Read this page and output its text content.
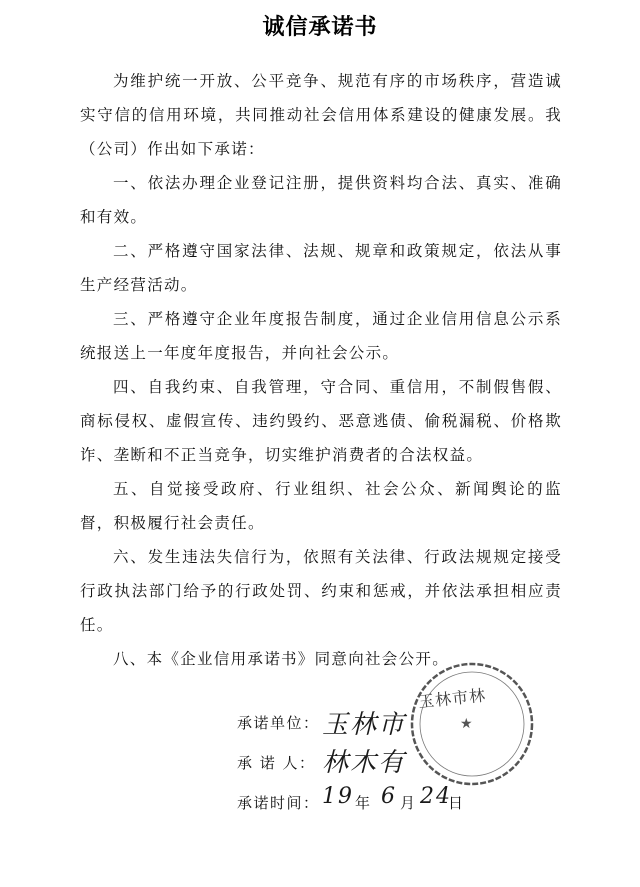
诚信承诺书
为维护统一开放、公平竞争、规范有序的市场秩序，营造诚实守信的信用环境，共同推动社会信用体系建设的健康发展。我（公司）作出如下承诺：
一、依法办理企业登记注册，提供资料均合法、真实、准确和有效。
二、严格遵守国家法律、法规、规章和政策规定，依法从事生产经营活动。
三、严格遵守企业年度报告制度，通过企业信用信息公示系统报送上一年度年度报告，并向社会公示。
四、自我约束、自我管理，守合同、重信用，不制假售假、商标侵权、虚假宣传、违约毁约、恶意逃债、偷税漏税、价格欺诈、垄断和不正当竞争，切实维护消费者的合法权益。
五、自觉接受政府、行业组织、社会公众、新闻舆论的监督，积极履行社会责任。
六、发生违法失信行为，依照有关法律、行政法规规定接受行政执法部门给予的行政处罚、约束和惩戒，并依法承担相应责任。
八、本《企业信用承诺书》同意向社会公开。
玉林市林
★
承诺单位： 玉林市
承 诺 人： 林木有
承诺时间： 19 年 6 月 24
日
